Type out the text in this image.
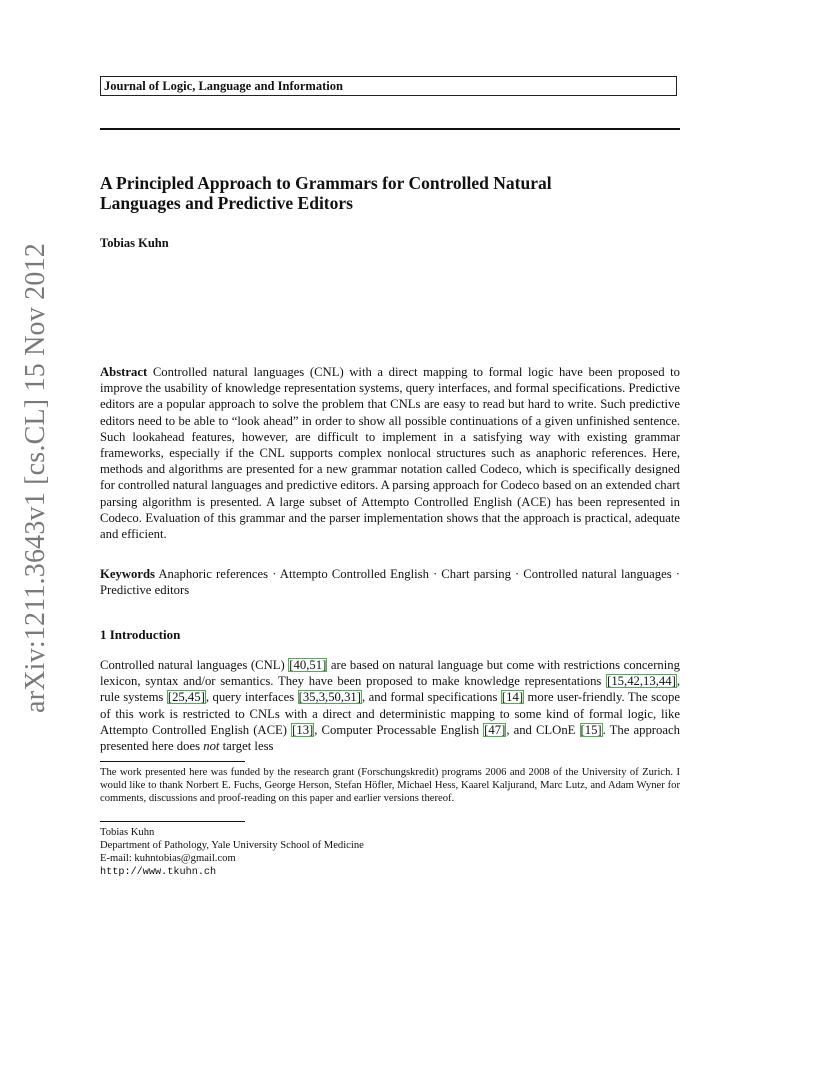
Journal of Logic, Language and Information
A Principled Approach to Grammars for Controlled Natural
Languages and Predictive Editors
Tobias Kuhn
arXiv:1211.3643v1 [cs.CL] 15 Nov 2012	Abstract Controlled natural languages (CNL) with a direct mapping to formal logic have been proposed to improve the usability of knowledge representation systems, query interfaces, and formal specifications. Predictive editors are a popular approach to solve the problem that CNLs are easy to read but hard to write. Such predictive editors need to be able to “look ahead” in order to show all possible continuations of a given unfinished sentence. Such lookahead features, however, are difficult to implement in a satisfying way with existing grammar frameworks, especially if the CNL supports complex nonlocal structures such as anaphoric references. Here, methods and algorithms are presented for a new grammar notation called Codeco, which is specifically designed for controlled natural languages and predictive editors. A parsing approach for Codeco based on an extended chart parsing algorithm is presented. A large subset of Attempto Controlled English (ACE) has been represented in Codeco. Evaluation of this grammar and the parser implementation shows that the approach is practical, adequate and efficient.

Keywords Anaphoric references · Attempto Controlled English · Chart parsing · Controlled natural languages · Predictive editors

1 Introduction

Controlled natural languages (CNL) [40,51] are based on natural language but come with restrictions concerning lexicon, syntax and/or semantics. They have been proposed to make knowledge representations [15,42,13,44], rule systems [25,45], query interfaces [35,3,50,31], and formal specifications [14] more user-friendly. The scope of this work is restricted to CNLs with a direct and deterministic mapping to some kind of formal logic, like Attempto Controlled English (ACE) [13], Computer Processable English [47], and CLOnE [15]. The approach presented here does not target less

The work presented here was funded by the research grant (Forschungskredit) programs 2006 and 2008 of the University of Zurich. I would like to thank Norbert E. Fuchs, George Herson, Stefan Höfler, Michael Hess, Kaarel Kaljurand, Marc Lutz, and Adam Wyner for comments, discussions and proof-reading on this paper and earlier versions thereof.

Tobias Kuhn
Department of Pathology, Yale University School of Medicine
E-mail: kuhntobias@gmail.com
http://www.tkuhn.ch
